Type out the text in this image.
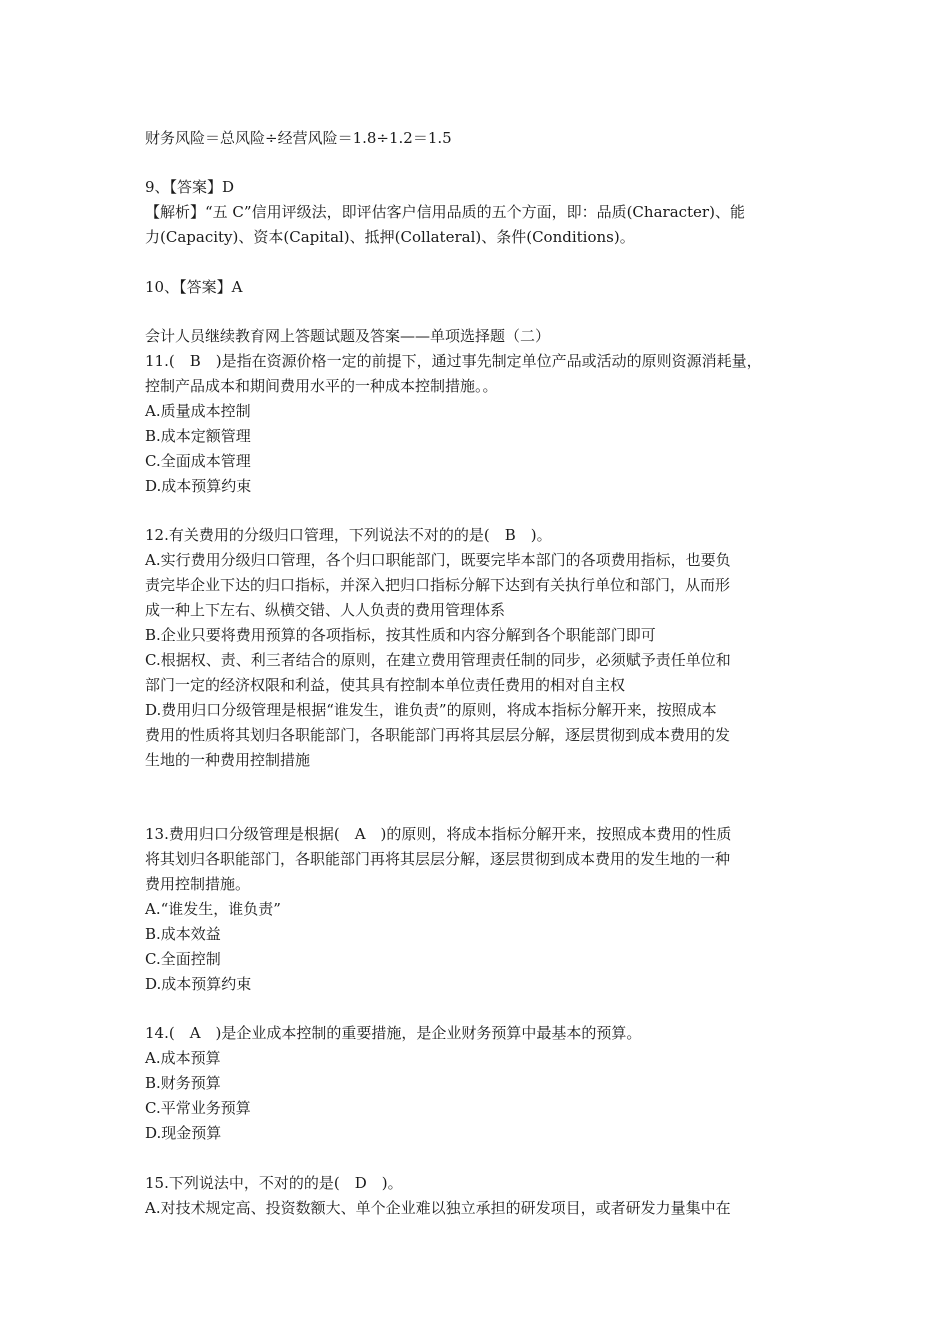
财务风险＝总风险÷经营风险＝1.8÷1.2＝1.5
9、【答案】D
【解析】“五 C”信用评级法，即评估客户信用品质的五个方面，即：品质(Character)、能
力(Capacity)、资本(Capital)、抵押(Collateral)、条件(Conditions)。
10、【答案】A
会计人员继续教育网上答题试题及答案——单项选择题（二）
11.(　B　)是指在资源价格一定的前提下，通过事先制定单位产品或活动的原则资源消耗量，
控制产品成本和期间费用水平的一种成本控制措施。。
A.质量成本控制
B.成本定额管理
C.全面成本管理
D.成本预算约束
12.有关费用的分级归口管理，下列说法不对的的是(　B　)。
A.实行费用分级归口管理，各个归口职能部门，既要完毕本部门的各项费用指标，也要负
责完毕企业下达的归口指标，并深入把归口指标分解下达到有关执行单位和部门，从而形
成一种上下左右、纵横交错、人人负责的费用管理体系
B.企业只要将费用预算的各项指标，按其性质和内容分解到各个职能部门即可
C.根据权、责、利三者结合的原则，在建立费用管理责任制的同步，必须赋予责任单位和
部门一定的经济权限和利益，使其具有控制本单位责任费用的相对自主权
D.费用归口分级管理是根据“谁发生，谁负责”的原则，将成本指标分解开来，按照成本
费用的性质将其划归各职能部门，各职能部门再将其层层分解，逐层贯彻到成本费用的发
生地的一种费用控制措施
13.费用归口分级管理是根据(　A　)的原则，将成本指标分解开来，按照成本费用的性质
将其划归各职能部门，各职能部门再将其层层分解，逐层贯彻到成本费用的发生地的一种
费用控制措施。
A.“谁发生，谁负责”
B.成本效益
C.全面控制
D.成本预算约束
14.(　A　)是企业成本控制的重要措施，是企业财务预算中最基本的预算。
A.成本预算
B.财务预算
C.平常业务预算
D.现金预算
15.下列说法中，不对的的是(　D　)。
A.对技术规定高、投资数额大、单个企业难以独立承担的研发项目，或者研发力量集中在
